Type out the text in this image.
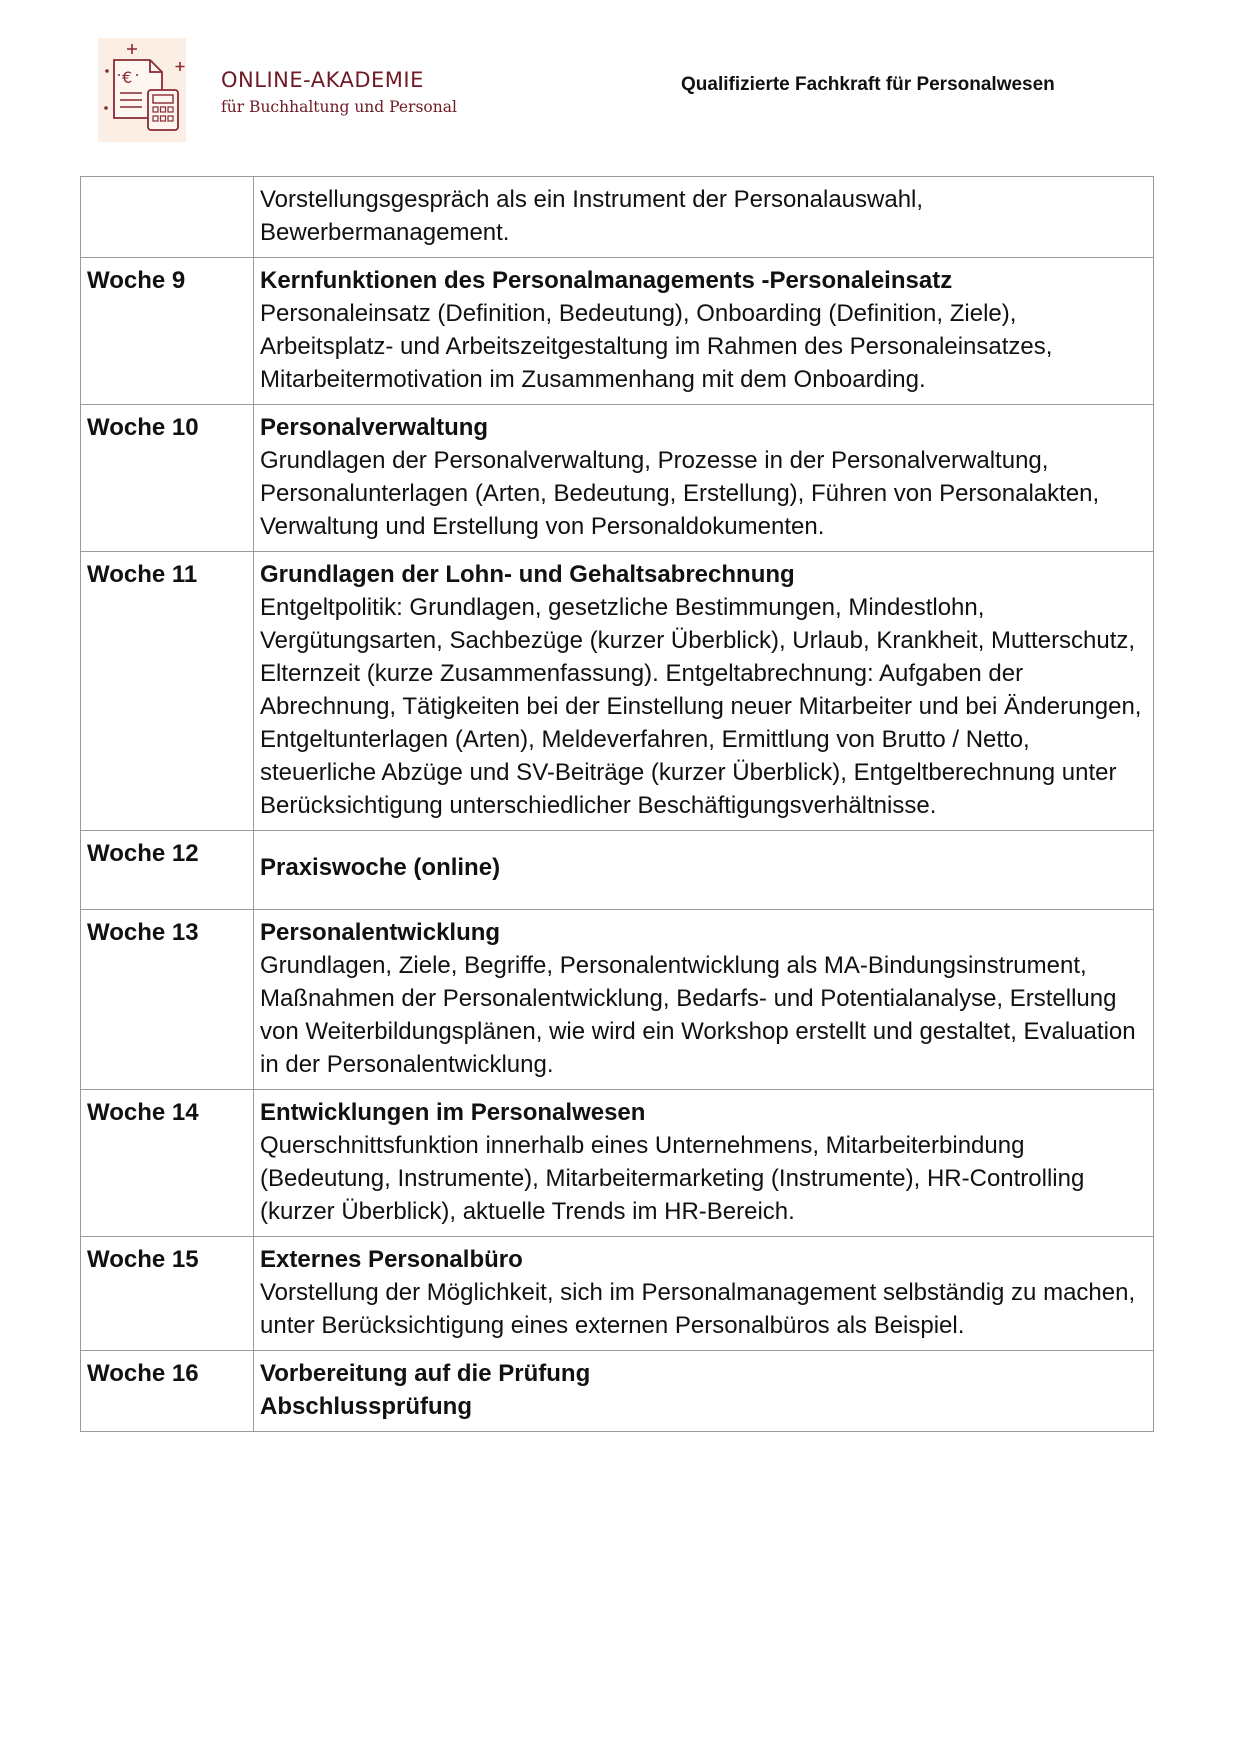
€	ONLINE-AKADEMIE
für Buchhaltung und Personal
Qualifizierte Fachkraft für Personalwesen

	Vorstellungsgespräch als ein Instrument der Personalauswahl, Bewerbermanagement.

Woche 9	Kernfunktionen des Personalmanagements -Personaleinsatz
Personaleinsatz (Definition, Bedeutung), Onboarding (Definition, Ziele), Arbeitsplatz- und Arbeitszeitgestaltung im Rahmen des Personaleinsatzes, Mitarbeitermotivation im Zusammenhang mit dem Onboarding.

Woche 10	Personalverwaltung
Grundlagen der Personalverwaltung, Prozesse in der Personalverwaltung, Personalunterlagen (Arten, Bedeutung, Erstellung), Führen von Personalakten, Verwaltung und Erstellung von Personaldokumenten.

Woche 11	Grundlagen der Lohn- und Gehaltsabrechnung
Entgeltpolitik: Grundlagen, gesetzliche Bestimmungen, Mindestlohn, Vergütungsarten, Sachbezüge (kurzer Überblick), Urlaub, Krankheit, Mutterschutz, Elternzeit (kurze Zusammenfassung). Entgeltabrechnung: Aufgaben der Abrechnung, Tätigkeiten bei der Einstellung neuer Mitarbeiter und bei Änderungen, Entgeltunterlagen (Arten), Meldeverfahren, Ermittlung von Brutto / Netto, steuerliche Abzüge und SV-Beiträge (kurzer Überblick), Entgeltberechnung unter Berücksichtigung unterschiedlicher Beschäftigungsverhältnisse.

Woche 12	Praxiswoche (online)

Woche 13	Personalentwicklung
Grundlagen, Ziele, Begriffe, Personalentwicklung als MA-Bindungsinstrument, Maßnahmen der Personalentwicklung, Bedarfs- und Potentialanalyse, Erstellung von Weiterbildungsplänen, wie wird ein Workshop erstellt und gestaltet, Evaluation in der Personalentwicklung.

Woche 14	Entwicklungen im Personalwesen
Querschnittsfunktion innerhalb eines Unternehmens, Mitarbeiterbindung (Bedeutung, Instrumente), Mitarbeitermarketing (Instrumente), HR-Controlling (kurzer Überblick), aktuelle Trends im HR-Bereich.

Woche 15	Externes Personalbüro
Vorstellung der Möglichkeit, sich im Personalmanagement selbständig zu machen, unter Berücksichtigung eines externen Personalbüros als Beispiel.

Woche 16	Vorbereitung auf die Prüfung
Abschlussprüfung
